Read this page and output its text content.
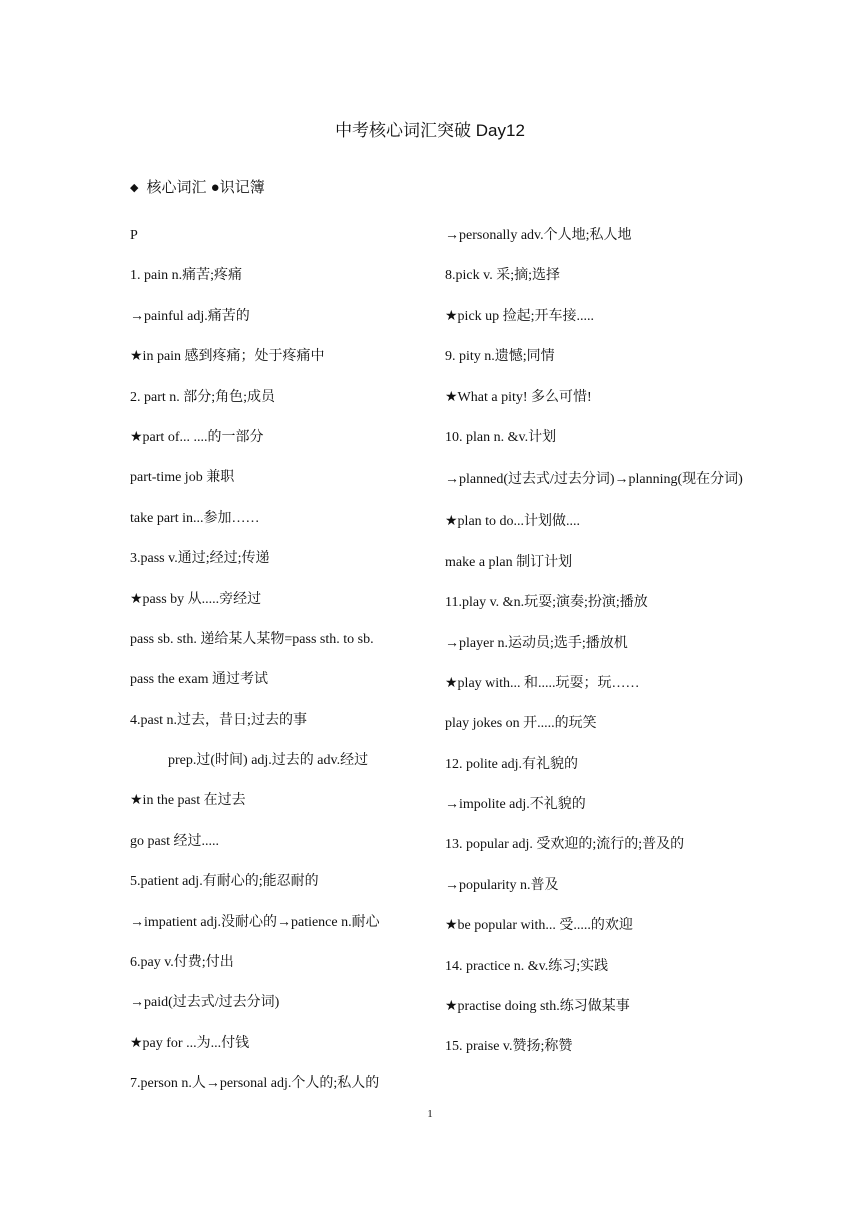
中考核心词汇突破 Day12
◆ 核心词汇 ●识记簿
P
1. pain n.痛苦;疼痛
→painful adj.痛苦的
★in pain 感到疼痛；处于疼痛中
2. part n. 部分;角色;成员
★part of... ....的一部分
part-time job 兼职
take part in...参加……
3.pass v.通过;经过;传递
★pass by 从.....旁经过
pass sb. sth. 递给某人某物=pass sth. to sb.
pass the exam 通过考试
4.past n.过去，昔日;过去的事
prep.过(时间) adj.过去的 adv.经过
★in the past 在过去
go past 经过.....
5.patient adj.有耐心的;能忍耐的
→impatient adj.没耐心的→patience n.耐心
6.pay v.付费;付出
→paid(过去式/过去分词)
★pay for ...为...付钱
7.person n.人→personal adj.个人的;私人的
→personally adv.个人地;私人地
8.pick v. 采;摘;选择
★pick up 捡起;开车接.....
9. pity n.遗憾;同情
★What a pity! 多么可惜!
10. plan n. &v.计划
→planned(过去式/过去分词)→planning(现在分词)
★plan to do...计划做....
make a plan 制订计划
11.play v. &n.玩耍;演奏;扮演;播放
→player n.运动员;选手;播放机
★play with... 和.....玩耍；玩……
play jokes on 开.....的玩笑
12. polite adj.有礼貌的
→impolite adj.不礼貌的
13. popular adj. 受欢迎的;流行的;普及的
→popularity n.普及
★be popular with... 受.....的欢迎
14. practice n. &v.练习;实践
★practise doing sth.练习做某事
15. praise v.赞扬;称赞
1
